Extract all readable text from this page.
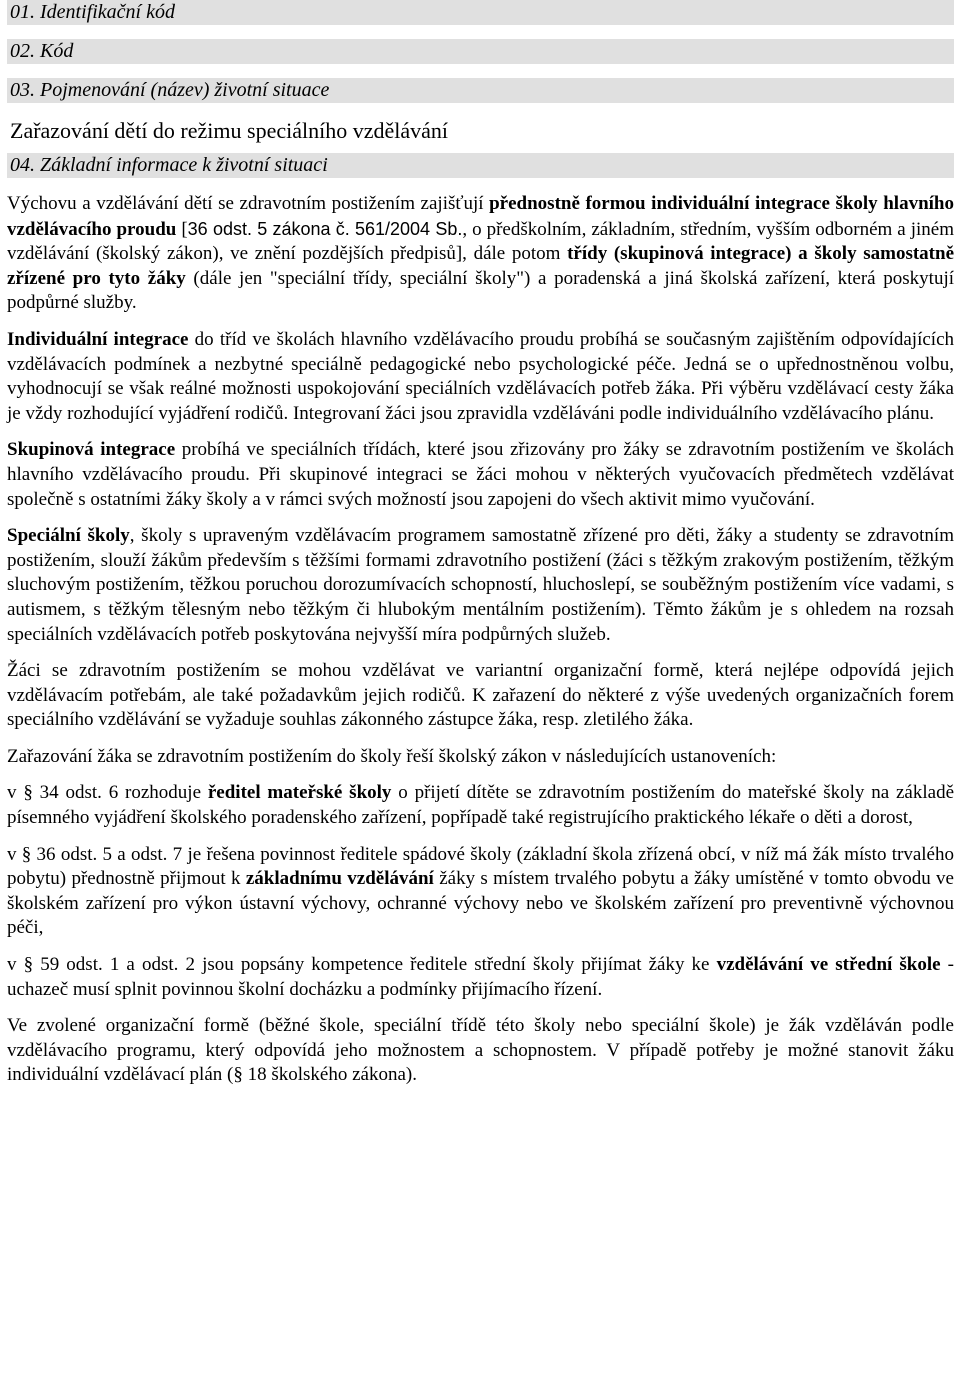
01. Identifikační kód
02. Kód
03. Pojmenování (název) životní situace
Zařazování dětí do režimu speciálního vzdělávání
04. Základní informace k životní situaci

Výchovu a vzdělávání dětí se zdravotním postižením zajišťují přednostně formou individuální integrace školy hlavního vzdělávacího proudu [36 odst. 5 zákona č. 561/2004 Sb., o předškolním, základním, středním, vyšším odborném a jiném vzdělávání (školský zákon), ve znění pozdějších předpisů], dále potom třídy (skupinová integrace) a školy samostatně zřízené pro tyto žáky (dále jen "speciální třídy, speciální školy") a poradenská a jiná školská zařízení, která poskytují podpůrné služby.

Individuální integrace do tříd ve školách hlavního vzdělávacího proudu probíhá se současným zajištěním odpovídajících vzdělávacích podmínek a nezbytné speciálně pedagogické nebo psychologické péče. Jedná se o upřednostněnou volbu, vyhodnocují se však reálné možnosti uspokojování speciálních vzdělávacích potřeb žáka. Při výběru vzdělávací cesty žáka je vždy rozhodující vyjádření rodičů. Integrovaní žáci jsou zpravidla vzděláváni podle individuálního vzdělávacího plánu.

Skupinová integrace probíhá ve speciálních třídách, které jsou zřizovány pro žáky se zdravotním postižením ve školách hlavního vzdělávacího proudu. Při skupinové integraci se žáci mohou v některých vyučovacích předmětech vzdělávat společně s ostatními žáky školy a v rámci svých možností jsou zapojeni do všech aktivit mimo vyučování.

Speciální školy, školy s upraveným vzdělávacím programem samostatně zřízené pro děti, žáky a studenty se zdravotním postižením, slouží žákům především s těžšími formami zdravotního postižení (žáci s těžkým zrakovým postižením, těžkým sluchovým postižením, těžkou poruchou dorozumívacích schopností, hluchoslepí, se souběžným postižením více vadami, s autismem, s těžkým tělesným nebo těžkým či hlubokým mentálním postižením). Těmto žákům je s ohledem na rozsah speciálních vzdělávacích potřeb poskytována nejvyšší míra podpůrných služeb.

Žáci se zdravotním postižením se mohou vzdělávat ve variantní organizační formě, která nejlépe odpovídá jejich vzdělávacím potřebám, ale také požadavkům jejich rodičů. K zařazení do některé z výše uvedených organizačních forem speciálního vzdělávání se vyžaduje souhlas zákonného zástupce žáka, resp. zletilého žáka.

Zařazování žáka se zdravotním postižením do školy řeší školský zákon v následujících ustanoveních:

v § 34 odst. 6 rozhoduje ředitel mateřské školy o přijetí dítěte se zdravotním postižením do mateřské školy na základě písemného vyjádření školského poradenského zařízení, popřípadě také registrujícího praktického lékaře o děti a dorost,

v § 36 odst. 5 a odst. 7 je řešena povinnost ředitele spádové školy (základní škola zřízená obcí, v níž má žák místo trvalého pobytu) přednostně přijmout k základnímu vzdělávání žáky s místem trvalého pobytu a žáky umístěné v tomto obvodu ve školském zařízení pro výkon ústavní výchovy, ochranné výchovy nebo ve školském zařízení pro preventivně výchovnou péči,

v § 59 odst. 1 a odst. 2 jsou popsány kompetence ředitele střední školy přijímat žáky ke vzdělávání ve střední škole - uchazeč musí splnit povinnou školní docházku a podmínky přijímacího řízení.

Ve zvolené organizační formě (běžné škole, speciální třídě této školy nebo speciální škole) je žák vzděláván podle vzdělávacího programu, který odpovídá jeho možnostem a schopnostem. V případě potřeby je možné stanovit žáku individuální vzdělávací plán (§ 18 školského zákona).
